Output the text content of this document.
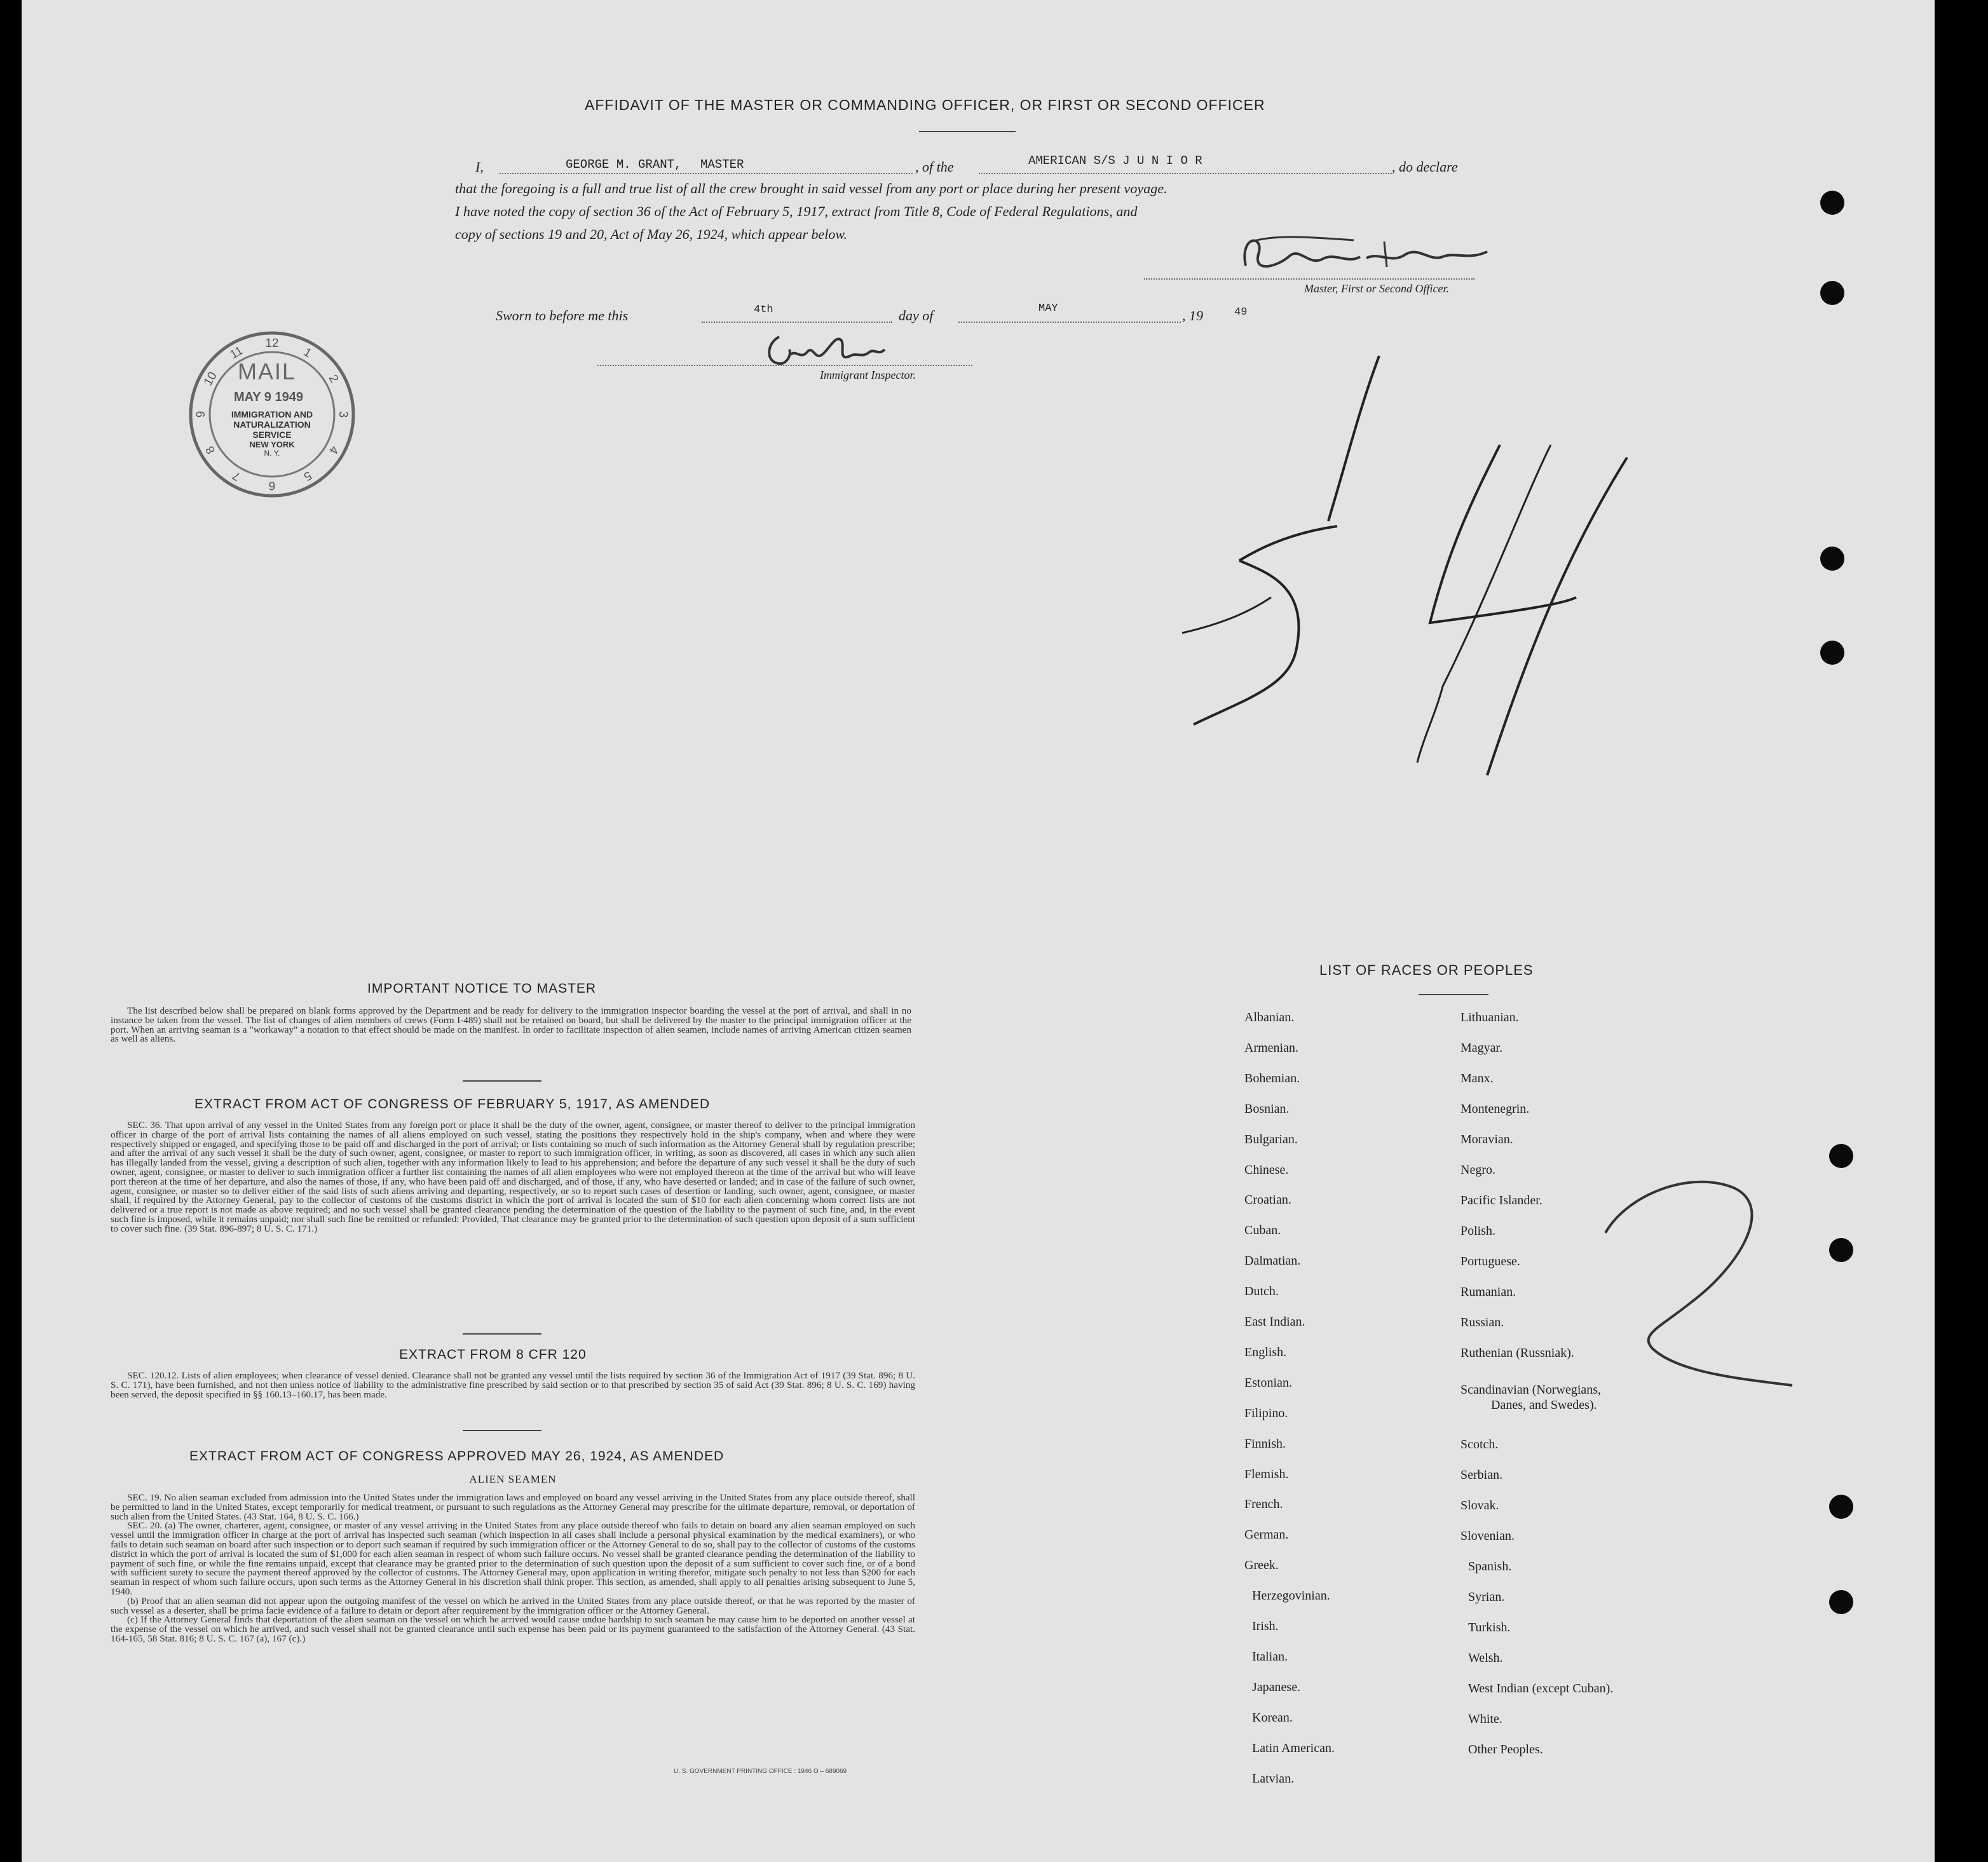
AFFIDAVIT OF THE MASTER OR COMMANDING OFFICER, OR FIRST OR SECOND OFFICER
I,	GEORGE M. GRANT, MASTER	, of the	AMERICAN S/S J U N I O R	, do declare
that the foregoing is a full and true list of all the crew brought in said vessel from any port or place during her present voyage.
I have noted the copy of section 36 of the Act of February 5, 1917, extract from Title 8, Code of Federal Regulations, and
copy of sections 19 and 20, Act of May 26, 1924, which appear below.
Master, First or Second Officer.
Sworn to before me this	4th	day of	MAY	, 19	49
Immigrant Inspector.
12
1
2
3
4
5
6
7
8
9
10
11
MAIL
MAY 9 1949
IMMIGRATION AND
NATURALIZATION
SERVICE
NEW YORK
N. Y.
IMPORTANT NOTICE TO MASTER

The list described below shall be prepared on blank forms approved by the Department and be ready for delivery to the immigration inspector boarding the vessel at the port of arrival, and shall in no instance be taken from the vessel. The list of changes of alien members of crews (Form I-489) shall not be retained on board, but shall be delivered by the master to the principal immigration officer at the port. When an arriving seaman is a "workaway" a notation to that effect should be made on the manifest. In order to facilitate inspection of alien seamen, include names of arriving American citizen seamen as well as aliens.

EXTRACT FROM ACT OF CONGRESS OF FEBRUARY 5, 1917, AS AMENDED

SEC. 36. That upon arrival of any vessel in the United States from any foreign port or place it shall be the duty of the owner, agent, consignee, or master thereof to deliver to the principal immigration officer in charge of the port of arrival lists containing the names of all aliens employed on such vessel, stating the positions they respectively hold in the ship's company, when and where they were respectively shipped or engaged, and specifying those to be paid off and discharged in the port of arrival; or lists containing so much of such information as the Attorney General shall by regulation prescribe; and after the arrival of any such vessel it shall be the duty of such owner, agent, consignee, or master to report to such immigration officer, in writing, as soon as discovered, all cases in which any such alien has illegally landed from the vessel, giving a description of such alien, together with any information likely to lead to his apprehension; and before the departure of any such vessel it shall be the duty of such owner, agent, consignee, or master to deliver to such immigration officer a further list containing the names of all alien employees who were not employed thereon at the time of the arrival but who will leave port thereon at the time of her departure, and also the names of those, if any, who have been paid off and discharged, and of those, if any, who have deserted or landed; and in case of the failure of such owner, agent, consignee, or master so to deliver either of the said lists of such aliens arriving and departing, respectively, or so to report such cases of desertion or landing, such owner, agent, consignee, or master shall, if required by the Attorney General, pay to the collector of customs of the customs district in which the port of arrival is located the sum of $10 for each alien concerning whom correct lists are not delivered or a true report is not made as above required; and no such vessel shall be granted clearance pending the determination of the question of the liability to the payment of such fine, and, in the event such fine is imposed, while it remains unpaid; nor shall such fine be remitted or refunded: Provided, That clearance may be granted prior to the determination of such question upon deposit of a sum sufficient to cover such fine. (39 Stat. 896-897; 8 U. S. C. 171.)

EXTRACT FROM 8 CFR 120

SEC. 120.12. Lists of alien employees; when clearance of vessel denied. Clearance shall not be granted any vessel until the lists required by section 36 of the Immigration Act of 1917 (39 Stat. 896; 8 U. S. C. 171), have been furnished, and not then unless notice of liability to the administrative fine prescribed by said section or to that prescribed by section 35 of said Act (39 Stat. 896; 8 U. S. C. 169) having been served, the deposit specified in §§ 160.13–160.17, has been made.

EXTRACT FROM ACT OF CONGRESS APPROVED MAY 26, 1924, AS AMENDED
ALIEN SEAMEN

SEC. 19. No alien seaman excluded from admission into the United States under the immigration laws and employed on board any vessel arriving in the United States from any place outside thereof, shall be permitted to land in the United States, except temporarily for medical treatment, or pursuant to such regulations as the Attorney General may prescribe for the ultimate departure, removal, or deportation of such alien from the United States. (43 Stat. 164, 8 U. S. C. 166.)

SEC. 20. (a) The owner, charterer, agent, consignee, or master of any vessel arriving in the United States from any place outside thereof who fails to detain on board any alien seaman employed on such vessel until the immigration officer in charge at the port of arrival has inspected such seaman (which inspection in all cases shall include a personal physical examination by the medical examiners), or who fails to detain such seaman on board after such inspection or to deport such seaman if required by such immigration officer or the Attorney General to do so, shall pay to the collector of customs of the customs district in which the port of arrival is located the sum of $1,000 for each alien seaman in respect of whom such failure occurs. No vessel shall be granted clearance pending the determination of the liability to payment of such fine, or while the fine remains unpaid, except that clearance may be granted prior to the determination of such question upon the deposit of a sum sufficient to cover such fine, or of a bond with sufficient surety to secure the payment thereof approved by the collector of customs. The Attorney General may, upon application in writing therefor, mitigate such penalty to not less than $200 for each seaman in respect of whom such failure occurs, upon such terms as the Attorney General in his discretion shall think proper. This section, as amended, shall apply to all penalties arising subsequent to June 5, 1940.

(b) Proof that an alien seaman did not appear upon the outgoing manifest of the vessel on which he arrived in the United States from any place outside thereof, or that he was reported by the master of such vessel as a deserter, shall be prima facie evidence of a failure to detain or deport after requirement by the immigration officer or the Attorney General.

(c) If the Attorney General finds that deportation of the alien seaman on the vessel on which he arrived would cause undue hardship to such seaman he may cause him to be deported on another vessel at the expense of the vessel on which he arrived, and such vessel shall not be granted clearance until such expense has been paid or its payment guaranteed to the satisfaction of the Attorney General. (43 Stat. 164-165, 58 Stat. 816; 8 U. S. C. 167 (a), 167 (c).)

U. S. GOVERNMENT PRINTING OFFICE : 1946 O – 689069
LIST OF RACES OR PEOPLES
Albanian.
Armenian.
Bohemian.
Bosnian.
Bulgarian.
Chinese.
Croatian.
Cuban.
Dalmatian.
Dutch.
East Indian.
English.
Estonian.
Filipino.
Finnish.
Flemish.
French.
German.
Greek.
Herzegovinian.
Irish.
Italian.
Japanese.
Korean.
Latin American.
Latvian.
Lithuanian.
Magyar.
Manx.
Montenegrin.
Moravian.
Negro.
Pacific Islander.
Polish.
Portuguese.
Rumanian.
Russian.
Ruthenian (Russniak).
Scandinavian (Norwegians,
Danes, and Swedes).
Scotch.
Serbian.
Slovak.
Slovenian.
Spanish.
Syrian.
Turkish.
Welsh.
West Indian (except Cuban).
White.
Other Peoples.
